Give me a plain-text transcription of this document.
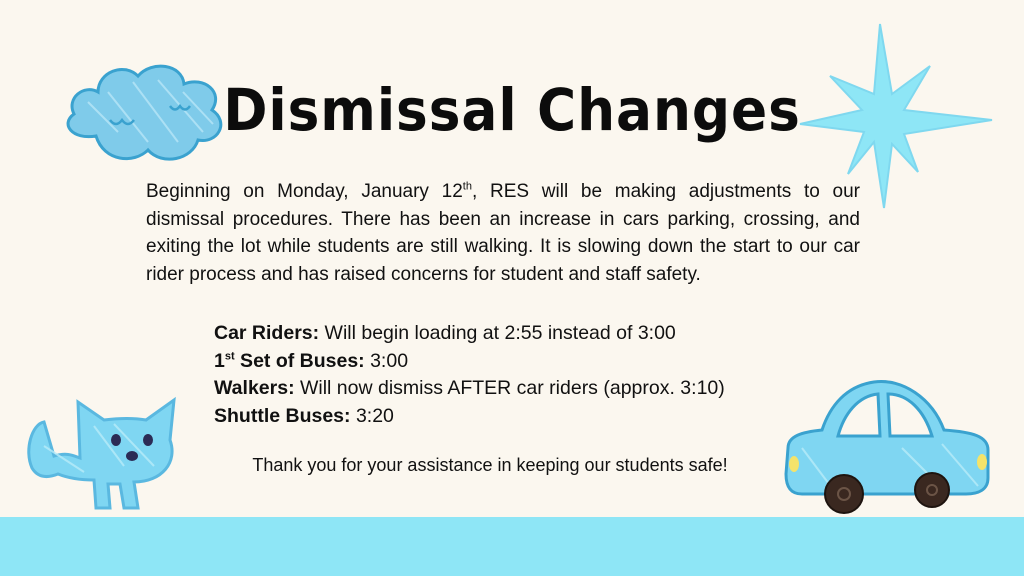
Dismissal Changes
Beginning on Monday, January 12th, RES will be making adjustments to our dismissal procedures. There has been an increase in cars parking, crossing, and exiting the lot while students are still walking. It is slowing down the start to our car rider process and has raised concerns for student and staff safety.
Car Riders: Will begin loading at 2:55 instead of 3:00
1st Set of Buses: 3:00
Walkers: Will now dismiss AFTER car riders (approx. 3:10)
Shuttle Buses: 3:20
Thank you for your assistance in keeping our students safe!
